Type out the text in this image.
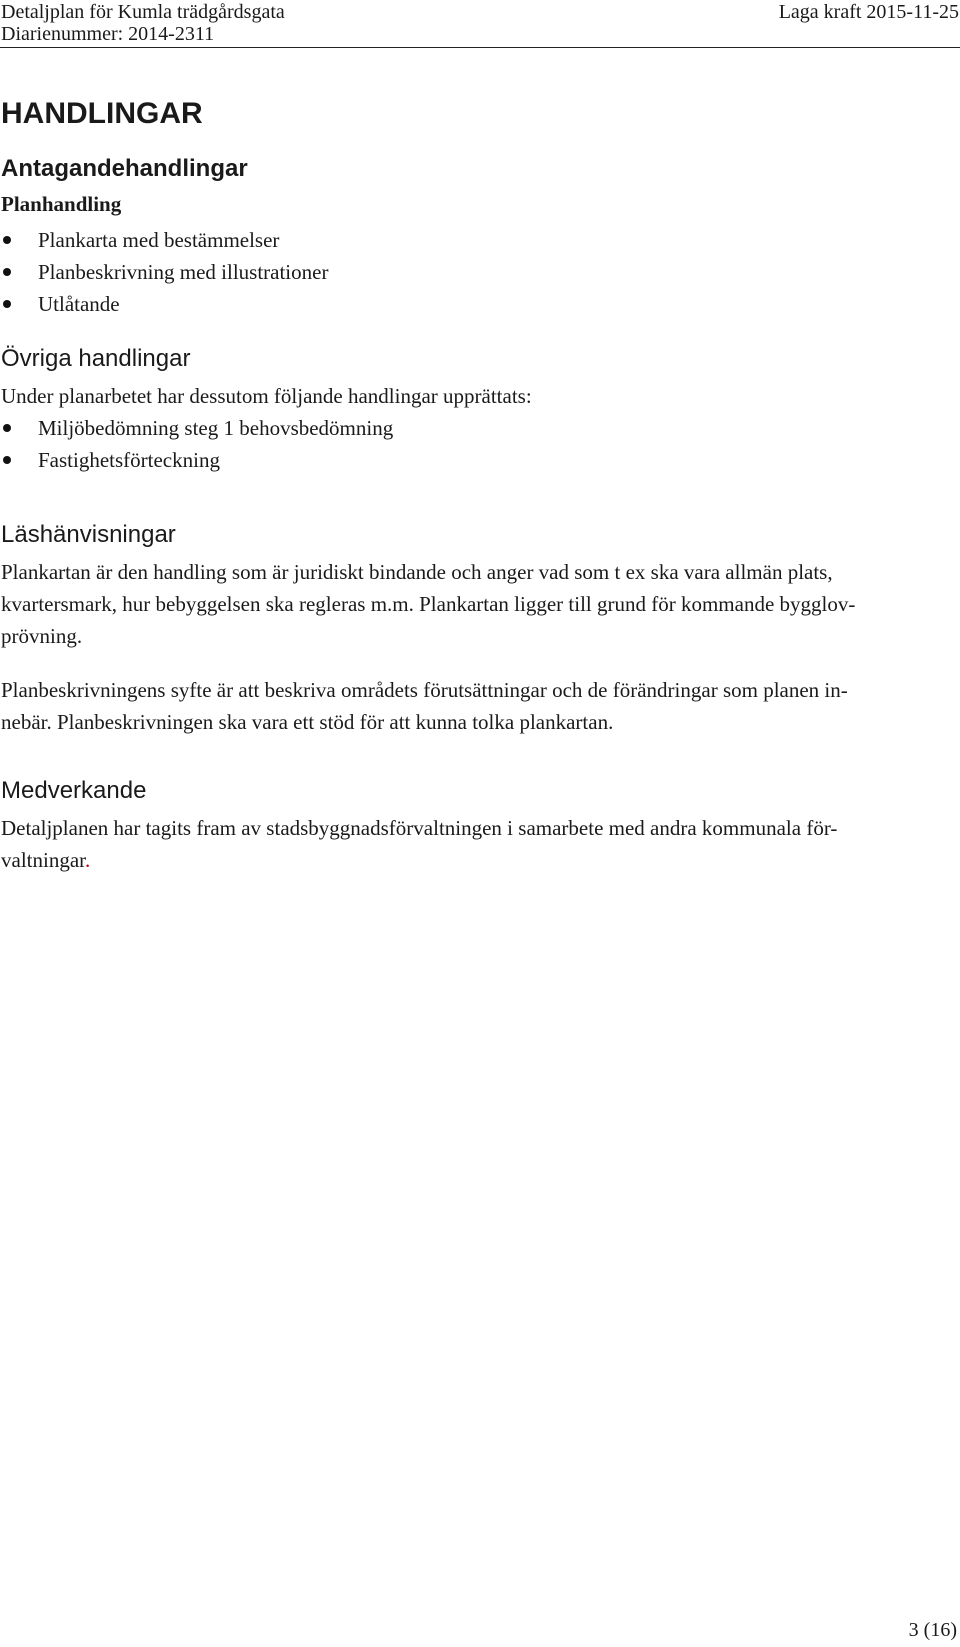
Detaljplan för Kumla trädgårdsgata
Diarienummer: 2014-2311
Laga kraft 2015-11-25
HANDLINGAR
Antagandehandlingar
Planhandling
Plankarta med bestämmelser
Planbeskrivning med illustrationer
Utlåtande
Övriga handlingar

Under planarbetet har dessutom följande handlingar upprättats:

Miljöbedömning steg 1 behovsbedömning
Fastighetsförteckning
Läshänvisningar

Plankartan är den handling som är juridiskt bindande och anger vad som t ex ska vara allmän plats,

kvartersmark, hur bebyggelsen ska regleras m.m. Plankartan ligger till grund för kommande bygglov-

prövning.

Planbeskrivningens syfte är att beskriva områdets förutsättningar och de förändringar som planen in-

nebär. Planbeskrivningen ska vara ett stöd för att kunna tolka plankartan.

Medverkande

Detaljplanen har tagits fram av stadsbyggnadsförvaltningen i samarbete med andra kommunala för-

valtningar.

3 (16)
